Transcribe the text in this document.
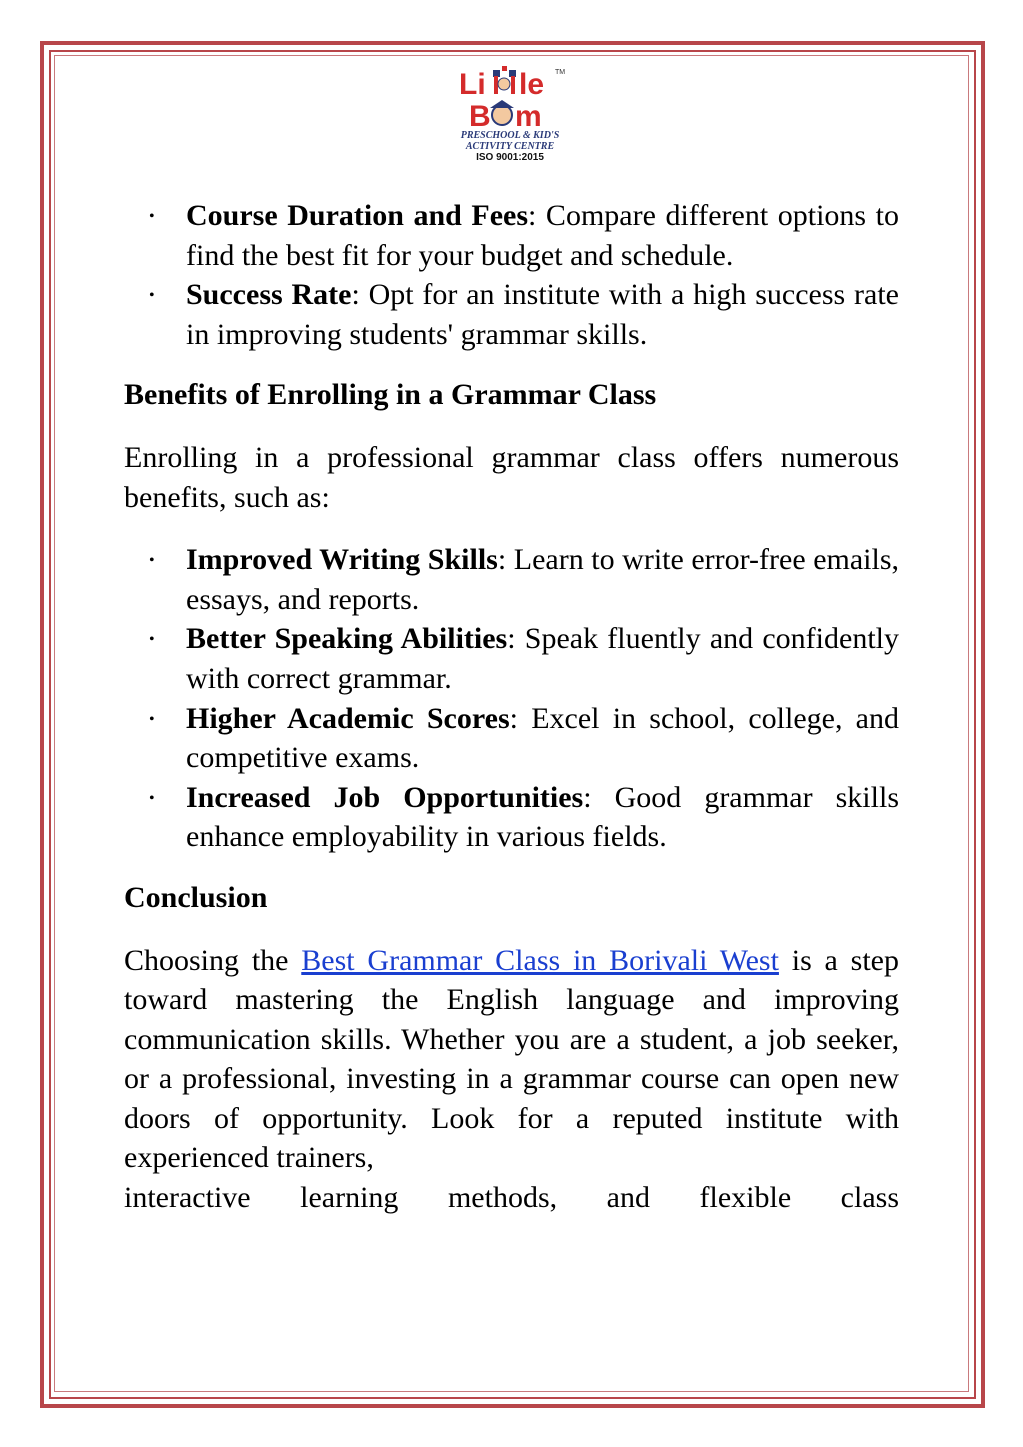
Li le TM
B m
PRESCHOOL & KID'S
ACTIVITY CENTRE
ISO 9001:2015
• Course Duration and Fees: Compare different options to find the best fit for your budget and schedule.
• Success Rate: Opt for an institute with a high success rate in improving students' grammar skills.
Benefits of Enrolling in a Grammar Class

Enrolling in a professional grammar class offers numerous benefits, such as:

• Improved Writing Skills: Learn to write error-free emails, essays, and reports.
• Better Speaking Abilities: Speak fluently and confidently with correct grammar.
• Higher Academic Scores: Excel in school, college, and competitive exams.
• Increased Job Opportunities: Good grammar skills enhance employability in various fields.
Conclusion

Choosing the Best Grammar Class in Borivali West is a step toward mastering the English language and improving communication skills. Whether you are a student, a job seeker, or a professional, investing in a grammar course can open new doors of opportunity. Look for a reputed institute with experienced trainers,

interactive learning methods, and flexible class
